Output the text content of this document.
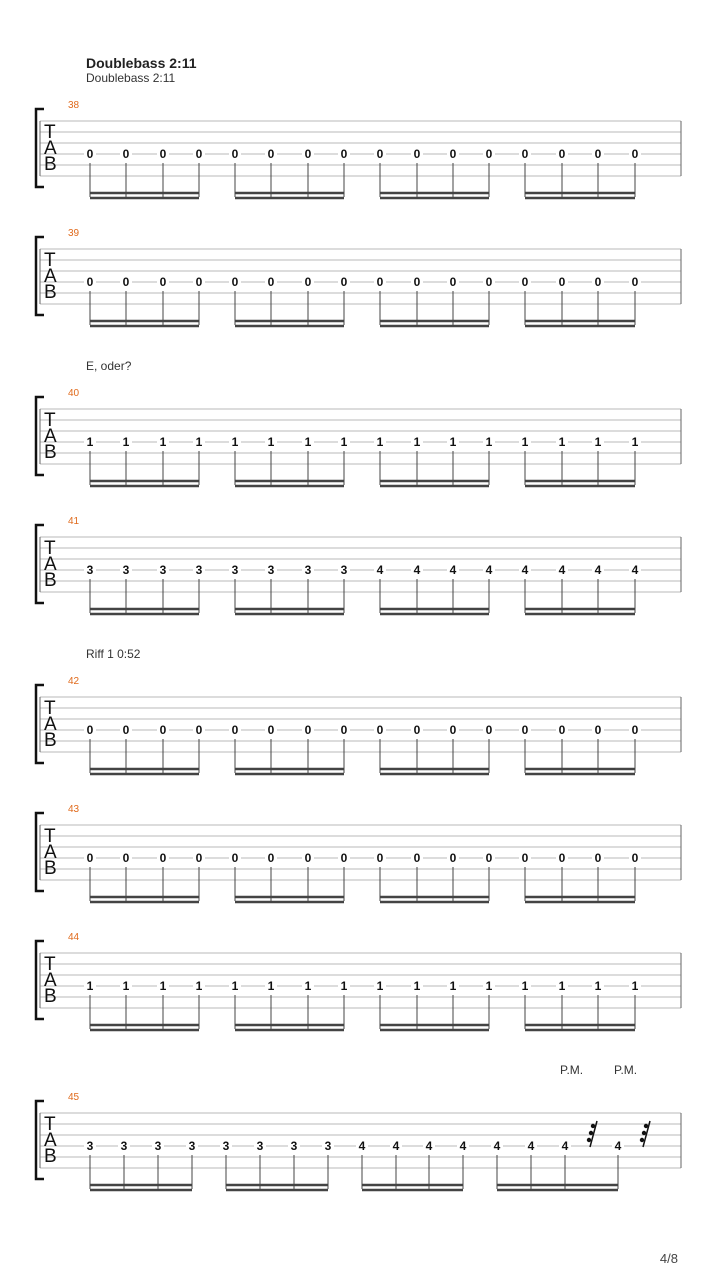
Doublebass 2:11
Doublebass 2:11
E, oder?
Riff 1 0:52
P.M.	P.M.
38
T
A
B 0 0	0 0 0 0	0 0 0	0 0 0 0	0 0	0
39
T
A
B 0 0	0 0 0 0	0 0 0	0 0 0 0	0 0	0
40
T
A
B 1 1	1 1 1 1	1 1 1	1 1 1 1	1 1	1
41
T
A
B 3 3	3 3 3 3	3 3 4	4 4 4 4	4 4	4
42
T
A
B 0 0	0 0 0 0	0 0 0	0 0 0 0	0 0	0
43
T
A
B 0 0	0 0 0 0	0 0 0	0 0 0 0	0 0	0
44
T
A
B 1 1	1 1 1 1	1 1 1	1 1 1 1	1 1	1
45
T
A
B 3 3 3 3 3 3 3 3 4 4 4 4 4 4 4	4
4/8
